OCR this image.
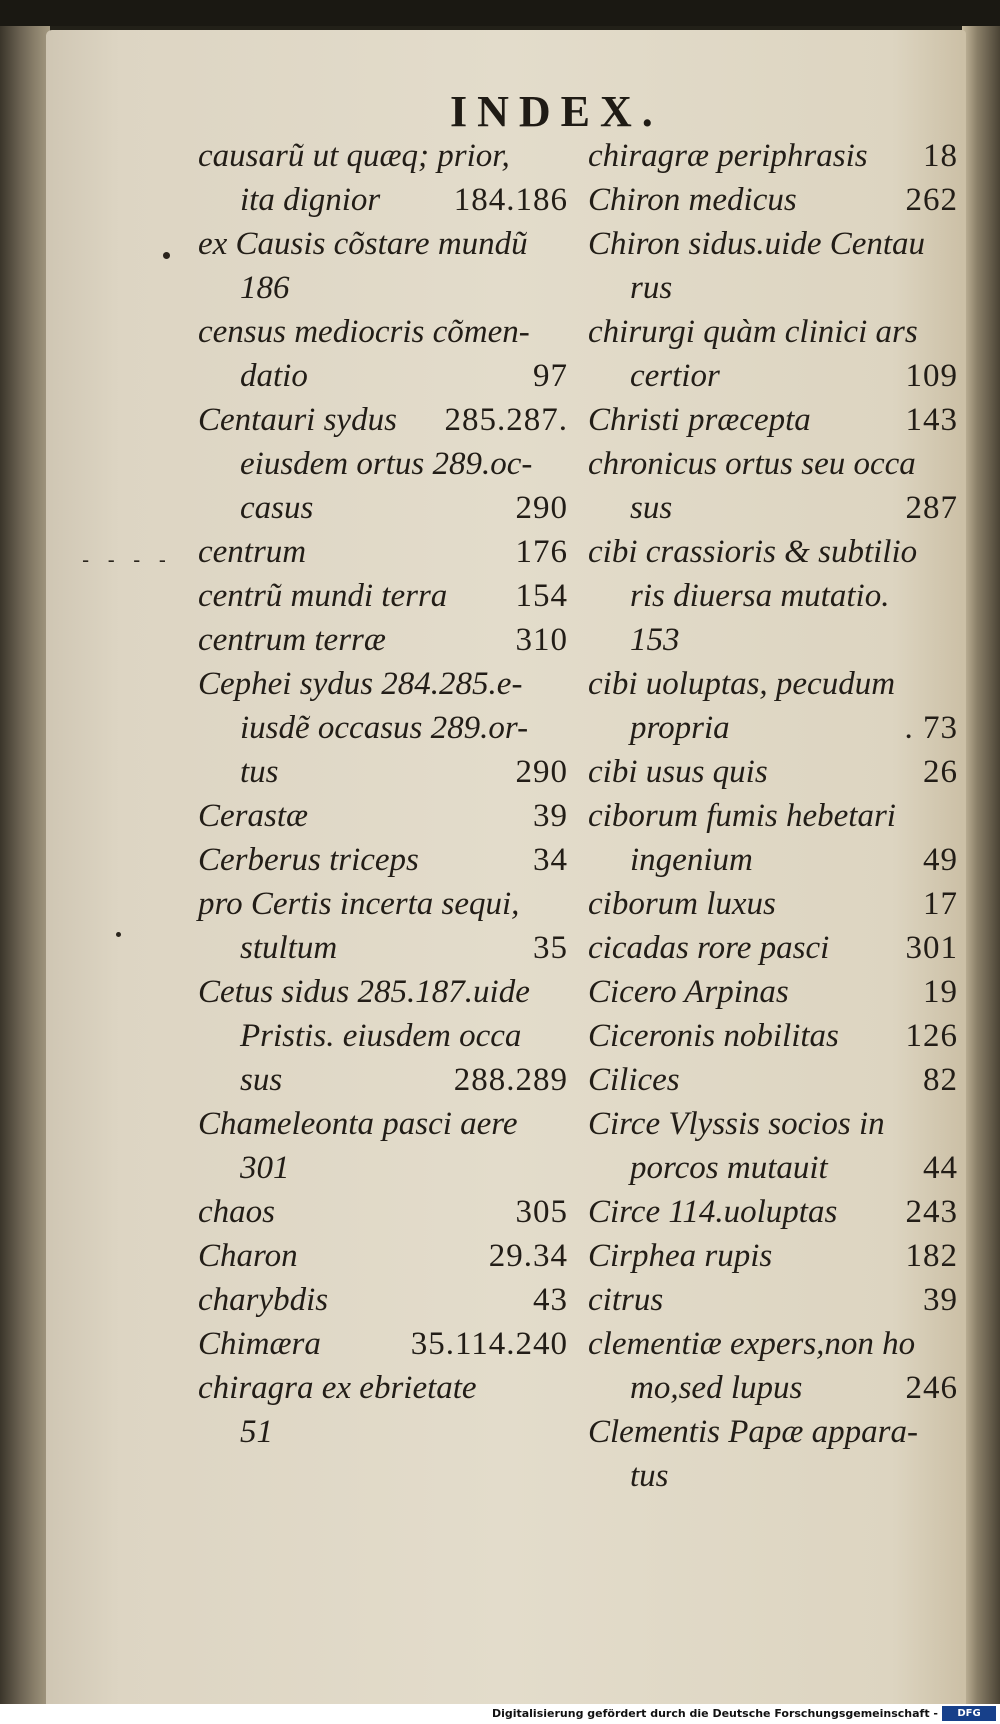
INDEX.
causarũ ut quæq; prior,
ita dignior 184.186
ex Causis cõstare mundũ
186
census mediocris cõmen-
datio	97
Centauri sydus 285.287.
eiusdem ortus 289.oc-
casus	290
centrum	176
centrũ mundi terra 154
centrum terræ	310
Cephei sydus 284.285.e-
iusdẽ occasus 289.or-
tus	290
Cerastæ	39
Cerberus triceps	34
pro Certis incerta sequi,
stultum	35
Cetus sidus 285.187.uide
Pristis. eiusdem occa
sus	288.289
Chameleonta pasci aere
301
chaos	305
Charon	29.34
charybdis	43
Chimæra	35.114.240
chiragra ex ebrietate
51
chiragræ periphrasis 18
Chiron medicus	262
Chiron sidus.uide Centau
rus
chirurgi quàm clinici ars
certior	109
Christi præcepta	143
chronicus ortus seu occa
sus	287
cibi crassioris & subtilio
ris diuersa mutatio.
153
cibi uoluptas, pecudum
propria	. 73
cibi usus quis	26
ciborum fumis hebetari
ingenium	49
ciborum luxus	17
cicadas rore pasci 301
Cicero Arpinas	19
Ciceronis nobilitas 126
Cilices	82
Circe Vlyssis socios in
porcos mutauit	44
Circe 114.uoluptas 243
Cirphea rupis	182
citrus	39
clementiæ expers,non ho
mo,sed lupus	246
Clementis Papæ appara-
tus
- - - -
Digitalisierung gefördert durch die Deutsche Forschungsgemeinschaft -	DFG
